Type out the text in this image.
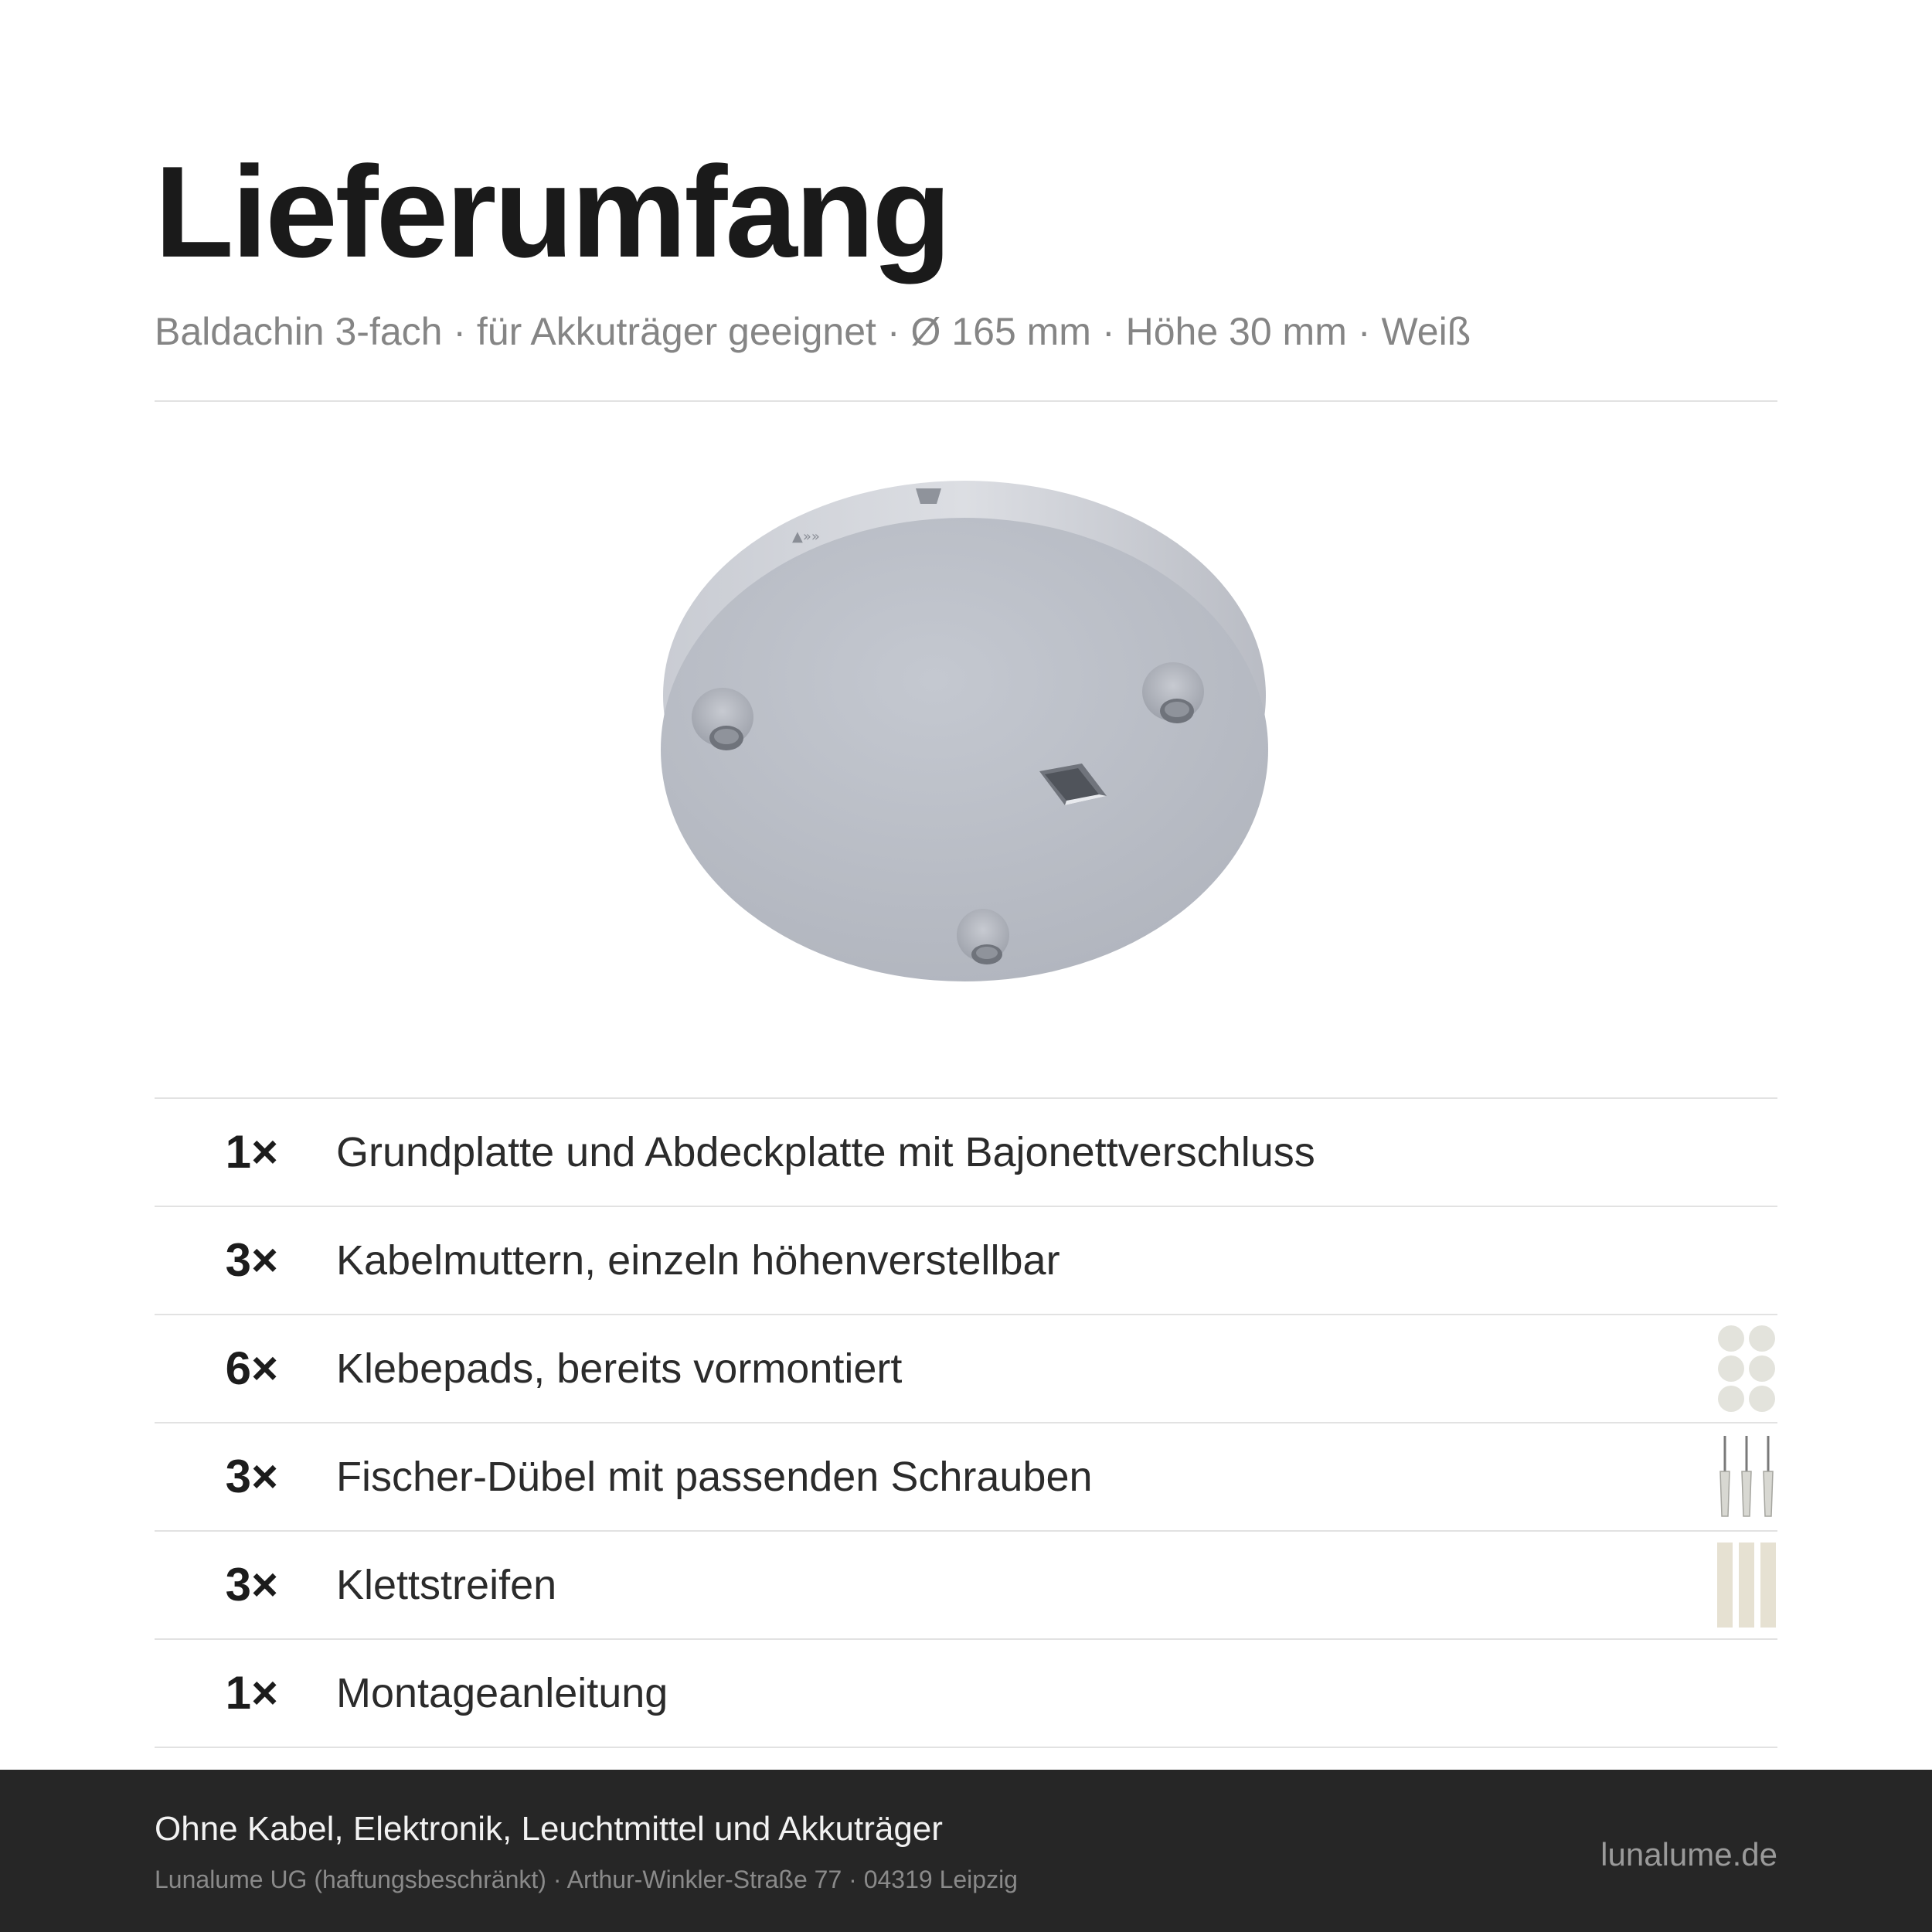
Lieferumfang
Baldachin 3-fach · für Akkuträger geeignet · Ø 165 mm · Höhe 30 mm · Weiß
▲»»
1× Grundplatte und Abdeckplatte mit Bajonettverschluss
3× Kabelmuttern, einzeln höhenverstellbar
6× Klebepads, bereits vormontiert
3× Fischer-Dübel mit passenden Schrauben
3× Klettstreifen
1× Montageanleitung
Ohne Kabel, Elektronik, Leuchtmittel und Akkuträger
Lunalume UG (haftungsbeschränkt) · Arthur-Winkler-Straße 77 · 04319 Leipzig
lunalume.de
